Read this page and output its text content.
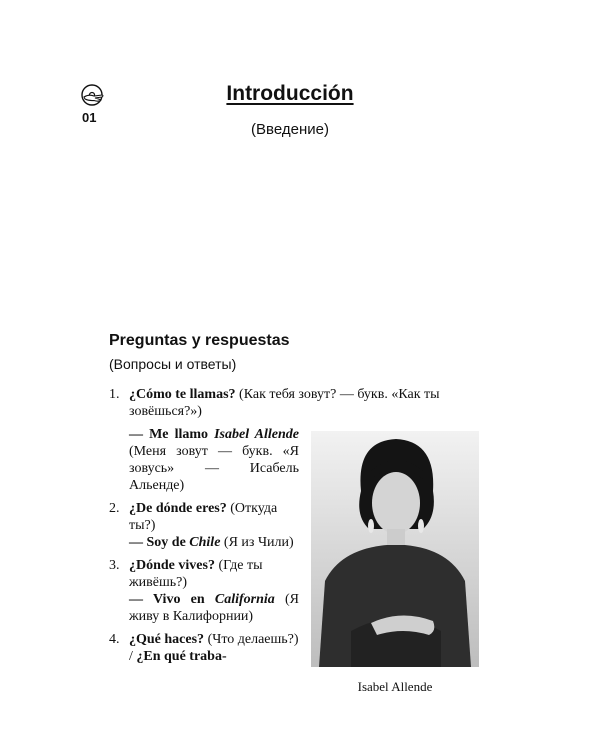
01
Introducción
(Введение)
Preguntas y respuestas
(Вопросы и ответы)
1. ¿Cómo te llamas? (Как тебя зовут? — букв. «Как ты зовёшься?»)
Isabel Allende
— Me llamo Isabel Allende (Меня зовут — букв. «Я зовусь» — Исабель Альенде)
2. ¿De dónde eres? (Откуда ты?)
— Soy de Chile (Я из Чили)
3. ¿Dónde vives? (Где ты живёшь?)
— Vivo en California (Я живу в Калифорнии)
4. ¿Qué haces? (Что делаешь?) / ¿En qué traba-
